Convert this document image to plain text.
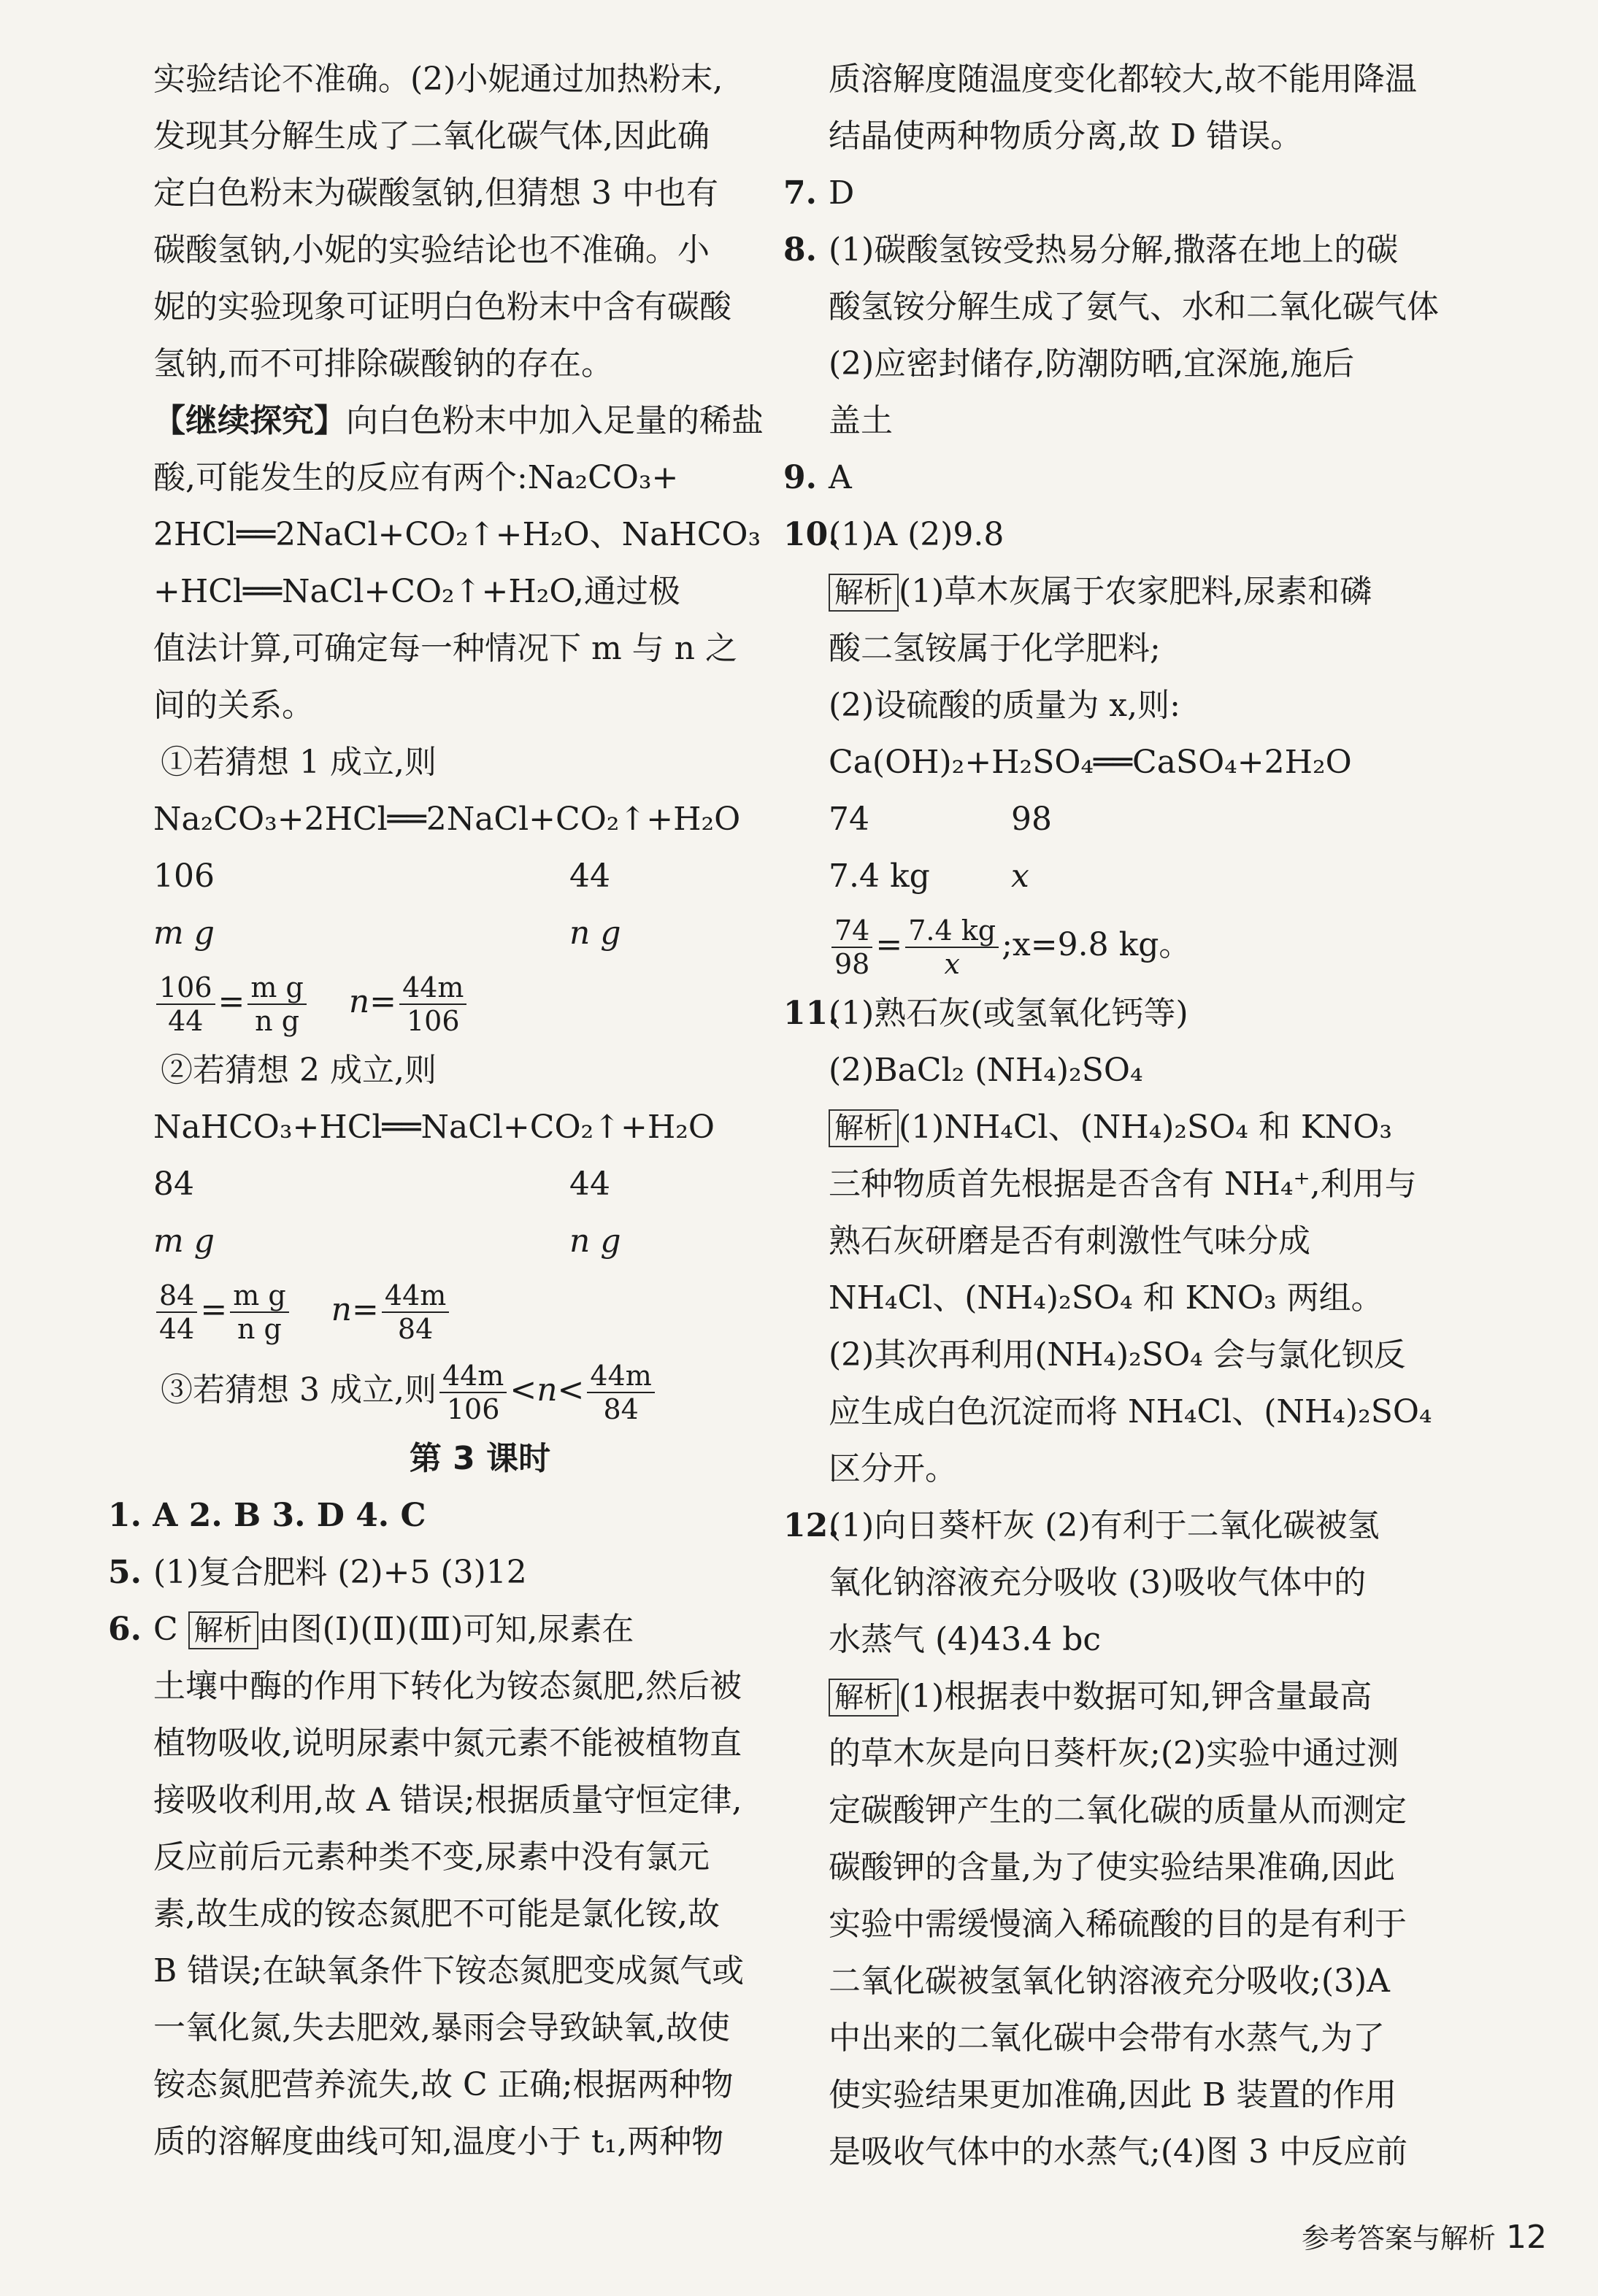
实验结论不准确。(2)小妮通过加热粉末,
发现其分解生成了二氧化碳气体,因此确
定白色粉末为碳酸氢钠,但猜想 3 中也有
碳酸氢钠,小妮的实验结论也不准确。小
妮的实验现象可证明白色粉末中含有碳酸
氢钠,而不可排除碳酸钠的存在。
【继续探究】向白色粉末中加入足量的稀盐
酸,可能发生的反应有两个:Na₂CO₃+
2HCl══2NaCl+CO₂↑+H₂O、NaHCO₃
+HCl══NaCl+CO₂↑+H₂O,通过极
值法计算,可确定每一种情况下 m 与 n 之
间的关系。
①若猜想 1 成立,则
Na₂CO₃+2HCl══2NaCl+CO₂↑+H₂O
106	44
m g	n g
$\frac{106}{44} = \frac{\text{m g}}{\text{n g}} n= \frac{44m}{106}$
②若猜想 2 成立,则
NaHCO₃+HCl══NaCl+CO₂↑+H₂O
84	44
m g	n g
$\frac{84}{44} = \frac{\text{m g}}{\text{n g}} n= \frac{44m}{84}$
③若猜想 3 成立,则 $\frac{44m}{106} <n< \frac{44m}{84}$
第 3 课时
1. A 2. B 3. D 4. C
5. (1)复合肥料 (2)+5 (3)12
6. C 解析 由图(Ⅰ)(Ⅱ)(Ⅲ)可知,尿素在
土壤中酶的作用下转化为铵态氮肥,然后被
植物吸收,说明尿素中氮元素不能被植物直
接吸收利用,故 A 错误;根据质量守恒定律,
反应前后元素种类不变,尿素中没有氯元
素,故生成的铵态氮肥不可能是氯化铵,故
B 错误;在缺氧条件下铵态氮肥变成氮气或
一氧化氮,失去肥效,暴雨会导致缺氧,故使
铵态氮肥营养流失,故 C 正确;根据两种物
质的溶解度曲线可知,温度小于 t₁,两种物
质溶解度随温度变化都较大,故不能用降温
结晶使两种物质分离,故 D 错误。
7. D
8. (1)碳酸氢铵受热易分解,撒落在地上的碳
酸氢铵分解生成了氨气、水和二氧化碳气体
(2)应密封储存,防潮防晒,宜深施,施后
盖土
9. A
10.(1)A (2)9.8
解析 (1)草木灰属于农家肥料,尿素和磷
酸二氢铵属于化学肥料;
(2)设硫酸的质量为 x,则:
Ca(OH)₂+H₂SO₄══CaSO₄+2H₂O
74	98
7.4 kg	x
$\frac{74}{98} = \frac{7.4 kg}{x}$ ;x=9.8 kg。
11.(1)熟石灰(或氢氧化钙等)
(2)BaCl₂ (NH₄)₂SO₄
解析 (1)NH₄Cl、(NH₄)₂SO₄ 和 KNO₃
三种物质首先根据是否含有 NH₄⁺,利用与
熟石灰研磨是否有刺激性气味分成
NH₄Cl、(NH₄)₂SO₄ 和 KNO₃ 两组。
(2)其次再利用(NH₄)₂SO₄ 会与氯化钡反
应生成白色沉淀而将 NH₄Cl、(NH₄)₂SO₄
区分开。
12.(1)向日葵杆灰 (2)有利于二氧化碳被氢
氧化钠溶液充分吸收 (3)吸收气体中的
水蒸气 (4)43.4 bc
解析 (1)根据表中数据可知,钾含量最高
的草木灰是向日葵杆灰;(2)实验中通过测
定碳酸钾产生的二氧化碳的质量从而测定
碳酸钾的含量,为了使实验结果准确,因此
实验中需缓慢滴入稀硫酸的目的是有利于
二氧化碳被氢氧化钠溶液充分吸收;(3)A
中出来的二氧化碳中会带有水蒸气,为了
使实验结果更加准确,因此 B 装置的作用
是吸收气体中的水蒸气;(4)图 3 中反应前
参考答案与解析 12
